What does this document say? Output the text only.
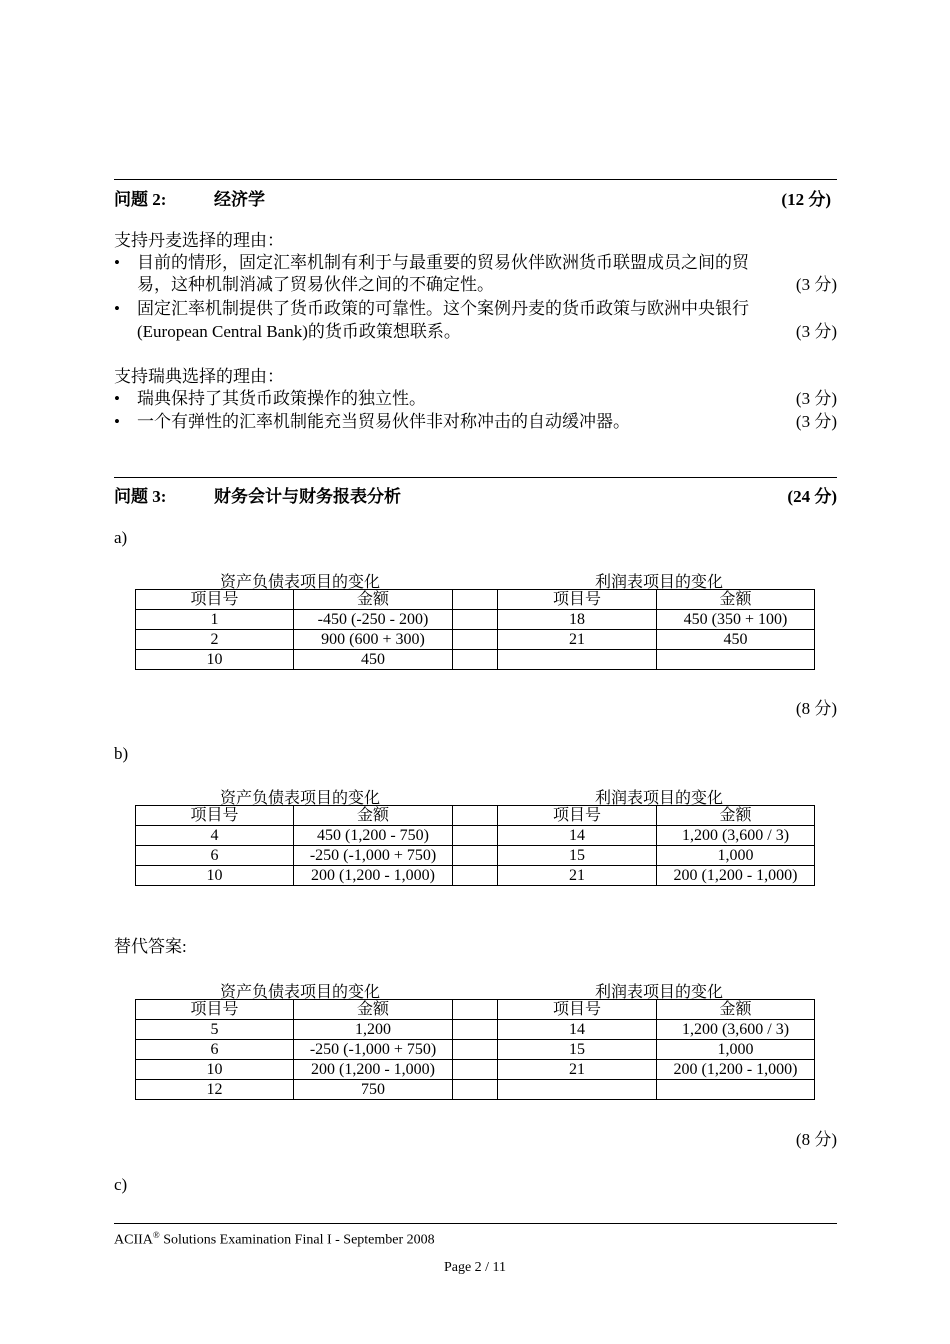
问题 2:	经济学	(12 分)
支持丹麦选择的理由：
• 目前的情形，固定汇率机制有利于与最重要的贸易伙伴欧洲货币联盟成员之间的贸
易，这种机制消减了贸易伙伴之间的不确定性。	(3 分)
• 固定汇率机制提供了货币政策的可靠性。这个案例丹麦的货币政策与欧洲中央银行
(European Central Bank)的货币政策想联系。	(3 分)
支持瑞典选择的理由：
• 瑞典保持了其货币政策操作的独立性。	(3 分)
• 一个有弹性的汇率机制能充当贸易伙伴非对称冲击的自动缓冲器。	(3 分)
问题 3:	财务会计与财务报表分析	(24 分)
a)
资产负债表项目的变化	利润表项目的变化
项目号	金额		项目号	金额
1	-450 (-250 - 200)		18	450 (350 + 100)
2	900 (600 + 300)		21	450
10	450			
(8 分)
b)
资产负债表项目的变化	利润表项目的变化
项目号	金额		项目号	金额
4	450 (1,200 - 750)		14	1,200 (3,600 / 3)
6	-250 (-1,000 + 750)		15	1,000
10	200 (1,200 - 1,000)		21	200 (1,200 - 1,000)
替代答案:
资产负债表项目的变化	利润表项目的变化
项目号	金额		项目号	金额
5	1,200		14	1,200 (3,600 / 3)
6	-250 (-1,000 + 750)		15	1,000
10	200 (1,200 - 1,000)		21	200 (1,200 - 1,000)
12	750			
(8 分)
c)
ACIIA® Solutions Examination Final I - September 2008
Page 2 / 11
